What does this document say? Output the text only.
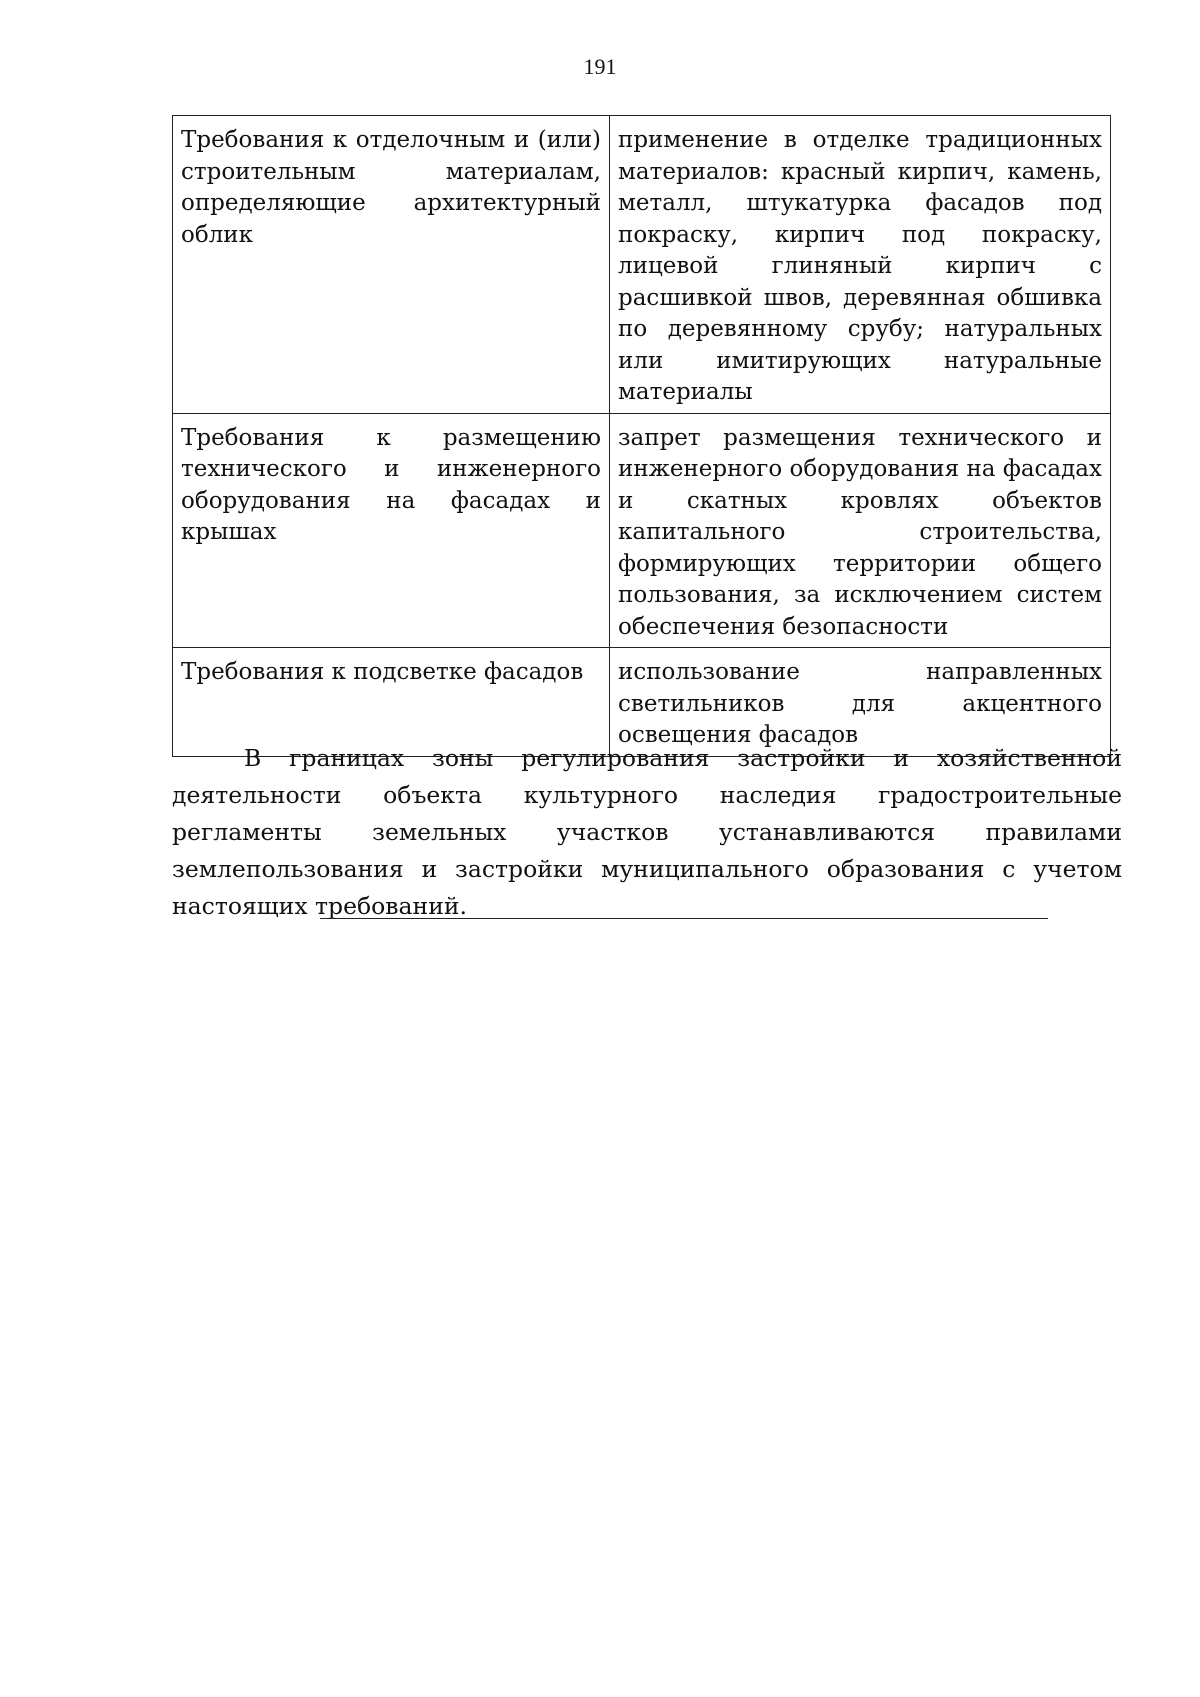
191
Требования к отделочным и (или) строительным материалам, определяющие архитектурный облик	применение в отделке традиционных материалов: красный кирпич, камень, металл, штукатурка фасадов под покраску, кирпич под покраску, лицевой глиняный кирпич с расшивкой швов, деревянная обшивка по деревянному срубу; натуральных или имитирующих натуральные материалы
Требования к размещению технического и инженерного оборудования на фасадах и крышах	запрет размещения технического и инженерного оборудования на фасадах и скатных кровлях объектов капитального строительства, формирующих территории общего пользования, за исключением систем обеспечения безопасности
Требования к подсветке фасадов	использование направленных светильников для акцентного освещения фасадов

В границах зоны регулирования застройки и хозяйственной деятельности объекта культурного наследия градостроительные регламенты земельных участков устанавливаются правилами землепользования и застройки муниципального образования с учетом настоящих требований.
